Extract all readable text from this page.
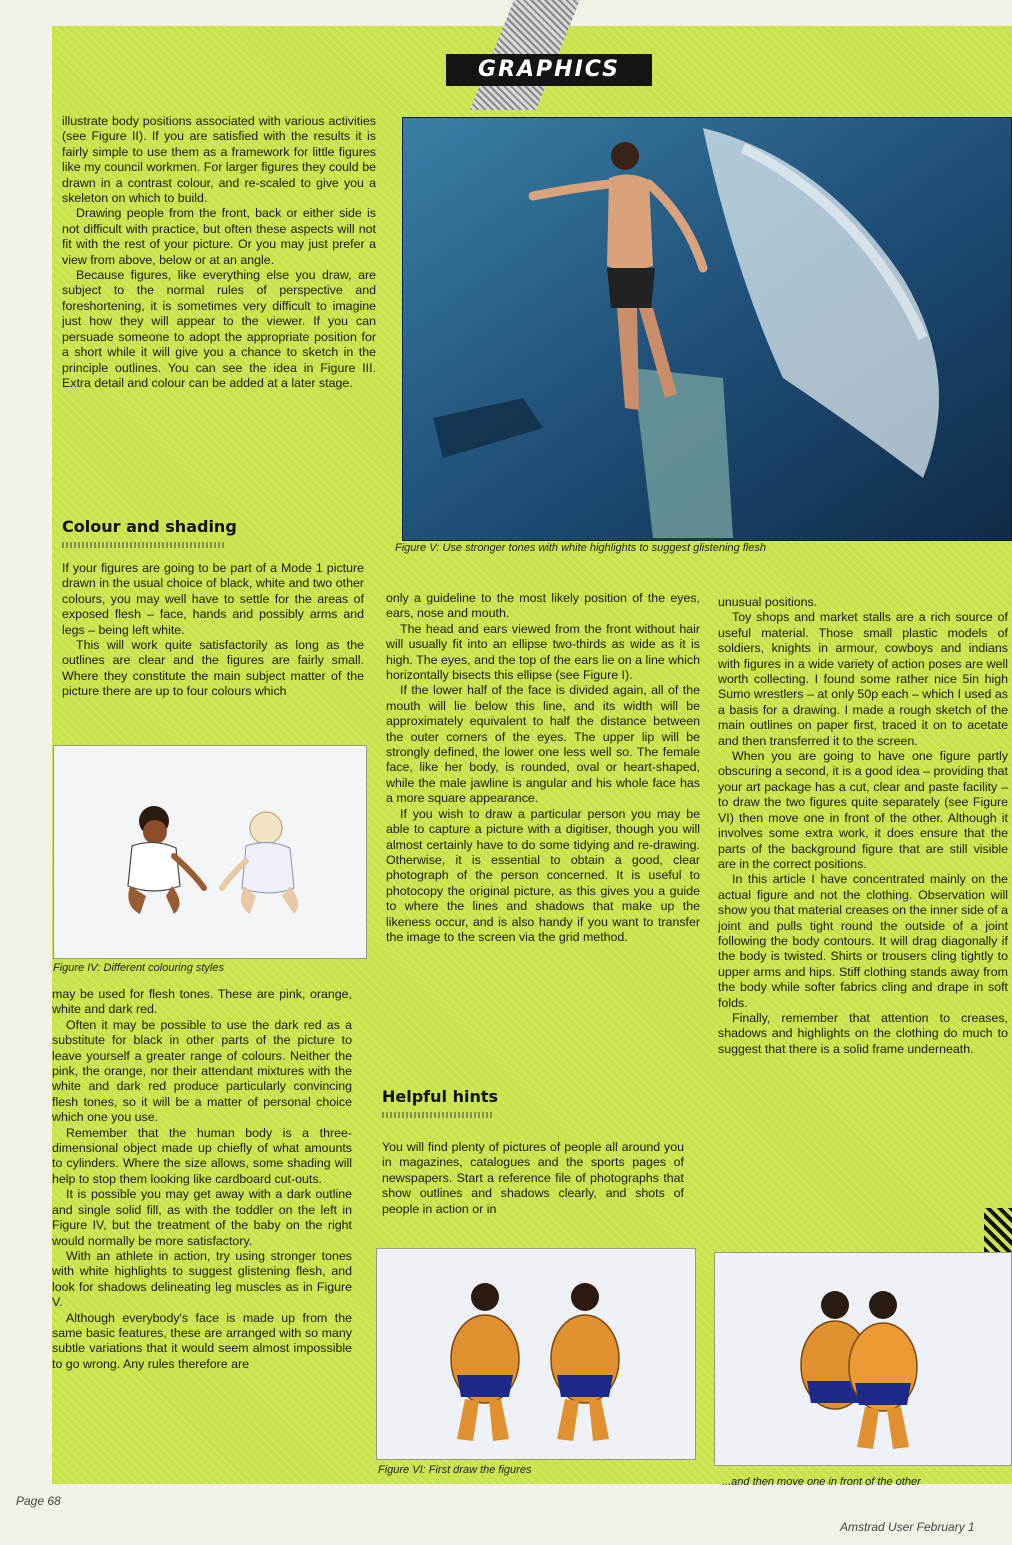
GRAPHICS

illustrate body positions associated with various activities (see Figure II). If you are satisfied with the results it is fairly simple to use them as a framework for little figures like my council workmen. For larger figures they could be drawn in a contrast colour, and re-scaled to give you a skeleton on which to build.

Drawing people from the front, back or either side is not difficult with practice, but often these aspects will not fit with the rest of your picture. Or you may just prefer a view from above, below or at an angle.

Because figures, like everything else you draw, are subject to the normal rules of perspective and foreshortening, it is sometimes very difficult to imagine just how they will appear to the viewer. If you can persuade someone to adopt the appropriate position for a short while it will give you a chance to sketch in the principle outlines. You can see the idea in Figure III. Extra detail and colour can be added at a later stage.

Colour and shading

If your figures are going to be part of a Mode 1 picture drawn in the usual choice of black, white and two other colours, you may well have to settle for the areas of exposed flesh – face, hands and possibly arms and legs – being left white.

This will work quite satisfactorily as long as the outlines are clear and the figures are fairly small. Where they constitute the main subject matter of the picture there are up to four colours which

Figure IV: Different colouring styles

may be used for flesh tones. These are pink, orange, white and dark red.

Often it may be possible to use the dark red as a substitute for black in other parts of the picture to leave yourself a greater range of colours. Neither the pink, the orange, nor their attendant mixtures with the white and dark red produce particularly convincing flesh tones, so it will be a matter of personal choice which one you use.

Remember that the human body is a three-dimensional object made up chiefly of what amounts to cylinders. Where the size allows, some shading will help to stop them looking like cardboard cut-outs.

It is possible you may get away with a dark outline and single solid fill, as with the toddler on the left in Figure IV, but the treatment of the baby on the right would normally be more satisfactory.

With an athlete in action, try using stronger tones with white highlights to suggest glistening flesh, and look for shadows delineating leg muscles as in Figure V.

Although everybody's face is made up from the same basic features, these are arranged with so many subtle variations that it would seem almost impossible to go wrong. Any rules therefore are

Figure V: Use stronger tones with white highlights to suggest glistening flesh

only a guideline to the most likely position of the eyes, ears, nose and mouth.

The head and ears viewed from the front without hair will usually fit into an ellipse two-thirds as wide as it is high. The eyes, and the top of the ears lie on a line which horizontally bisects this ellipse (see Figure I).

If the lower half of the face is divided again, all of the mouth will lie below this line, and its width will be approximately equivalent to half the distance between the outer corners of the eyes. The upper lip will be strongly defined, the lower one less well so. The female face, like her body, is rounded, oval or heart-shaped, while the male jawline is angular and his whole face has a more square appearance.

If you wish to draw a particular person you may be able to capture a picture with a digitiser, though you will almost certainly have to do some tidying and re-drawing. Otherwise, it is essential to obtain a good, clear photograph of the person concerned. It is useful to photocopy the original picture, as this gives you a guide to where the lines and shadows that make up the likeness occur, and is also handy if you want to transfer the image to the screen via the grid method.

Helpful hints

You will find plenty of pictures of people all around you in magazines, catalogues and the sports pages of newspapers. Start a reference file of photographs that show outlines and shadows clearly, and shots of people in action or in

unusual positions.

Toy shops and market stalls are a rich source of useful material. Those small plastic models of soldiers, knights in armour, cowboys and indians with figures in a wide variety of action poses are well worth collecting. I found some rather nice 5in high Sumo wrestlers – at only 50p each – which I used as a basis for a drawing. I made a rough sketch of the main outlines on paper first, traced it on to acetate and then transferred it to the screen.

When you are going to have one figure partly obscuring a second, it is a good idea – providing that your art package has a cut, clear and paste facility – to draw the two figures quite separately (see Figure VI) then move one in front of the other. Although it involves some extra work, it does ensure that the parts of the background figure that are still visible are in the correct positions.

In this article I have concentrated mainly on the actual figure and not the clothing. Observation will show you that material creases on the inner side of a joint and pulls tight round the outside of a joint following the body contours. It will drag diagonally if the body is twisted. Shirts or trousers cling tightly to upper arms and hips. Stiff clothing stands away from the body while softer fabrics cling and drape in soft folds.

Finally, remember that attention to creases, shadows and highlights on the clothing do much to suggest that there is a solid frame underneath.

Figure VI: First draw the figures
...and then move one in front of the other
Page 68
Amstrad User February 1
